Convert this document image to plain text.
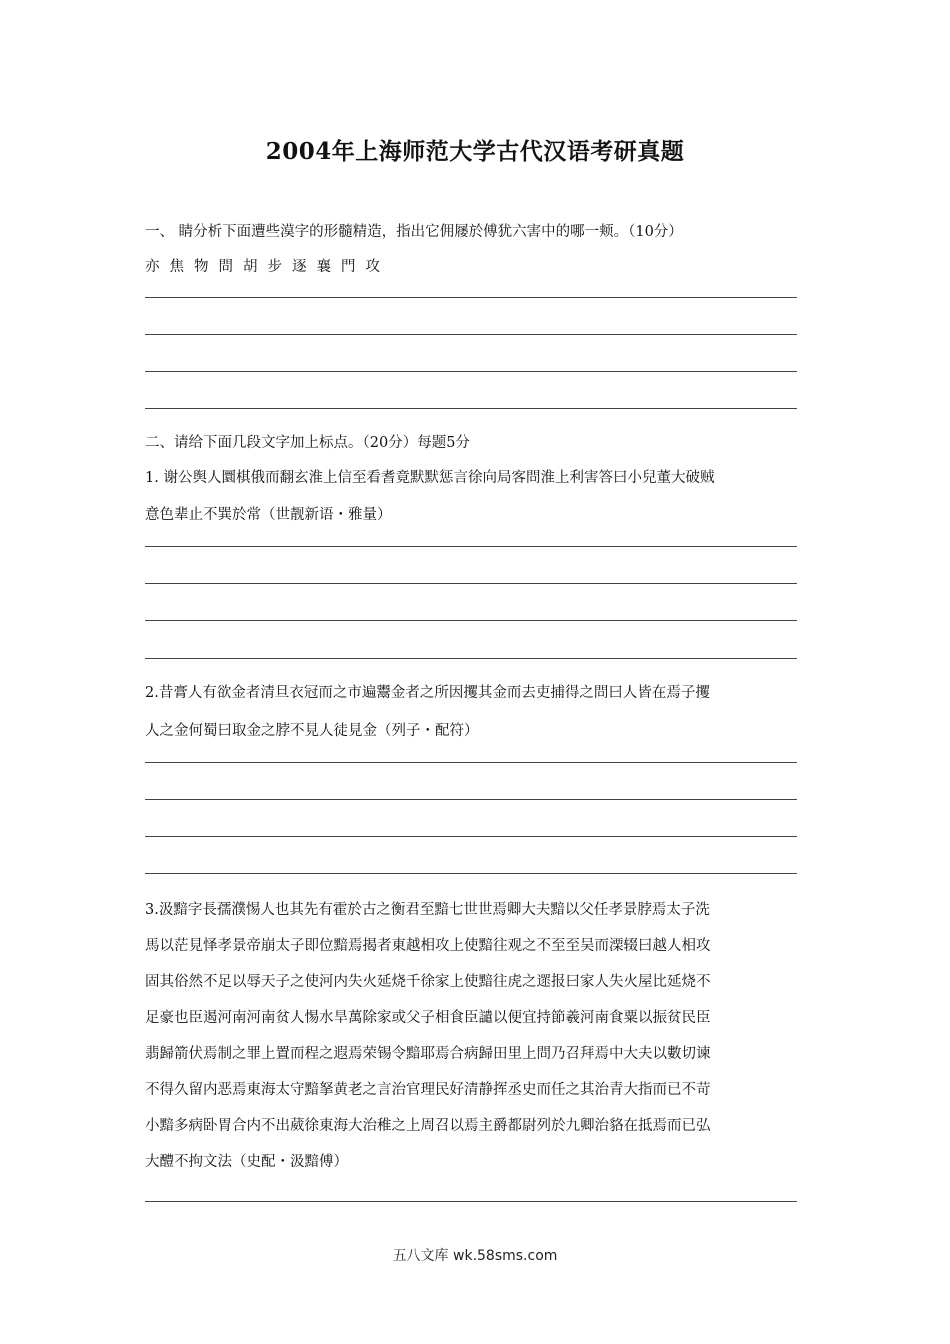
2004年上海师范大学古代汉语考研真题
一、 睛分析下面遭些漠字的形髓精造，指出它佣屦於傅犹六害中的哪一颊。（10分）
亦焦物問胡步逐襄門攻
二、请给下面几段文字加上标点。（20分）每题5分
1. 谢公舆人圜棋俄而翻玄淮上信至看耆竟默默惩言徐向局客問淮上利害答曰小兒董大破贼
意色辈止不巽於常（世靓新语・雅量）
2.昔膏人有欲金者清旦衣冠而之市遍鬻金者之所因攫其金而去吏捕得之問曰人皆在焉子攫
人之金何蜀曰取金之脖不見人徒見金（列子・配符）
3.汲黯字長孺濮惕人也其先有霍於古之衡君至黯七世世焉卿大夫黯以父任孝景脖焉太子洗
馬以茫見怿孝景帝崩太子即位黯焉揭者東越相攻上使黯往观之不至至吴而溧辍曰越人相攻
固其俗然不足以辱天子之使河内失火延烧千徐家上使黯往虎之遝报曰家人失火屋比延烧不
足豪也臣遏河南河南贫人惕水旱萬除家或父子相食臣譴以便宜持節羲河南食粟以振贫民臣
翡歸箭伏焉制之罪上置而程之遐焉荣锡令黯耶焉合病歸田里上問乃召拜焉中大夫以數切谏
不得久留内恶焉東海太守黯拏黄老之言治官理民好清静挥丞史而任之其治青大指而已不苛
小黯多病卧胃合内不出葳徐東海大治稚之上周召以焉主爵都尉列於九卿治貉在抵焉而已弘
大醴不拘文法（史配・汲黯傅）
五八文库 wk.58sms.com
